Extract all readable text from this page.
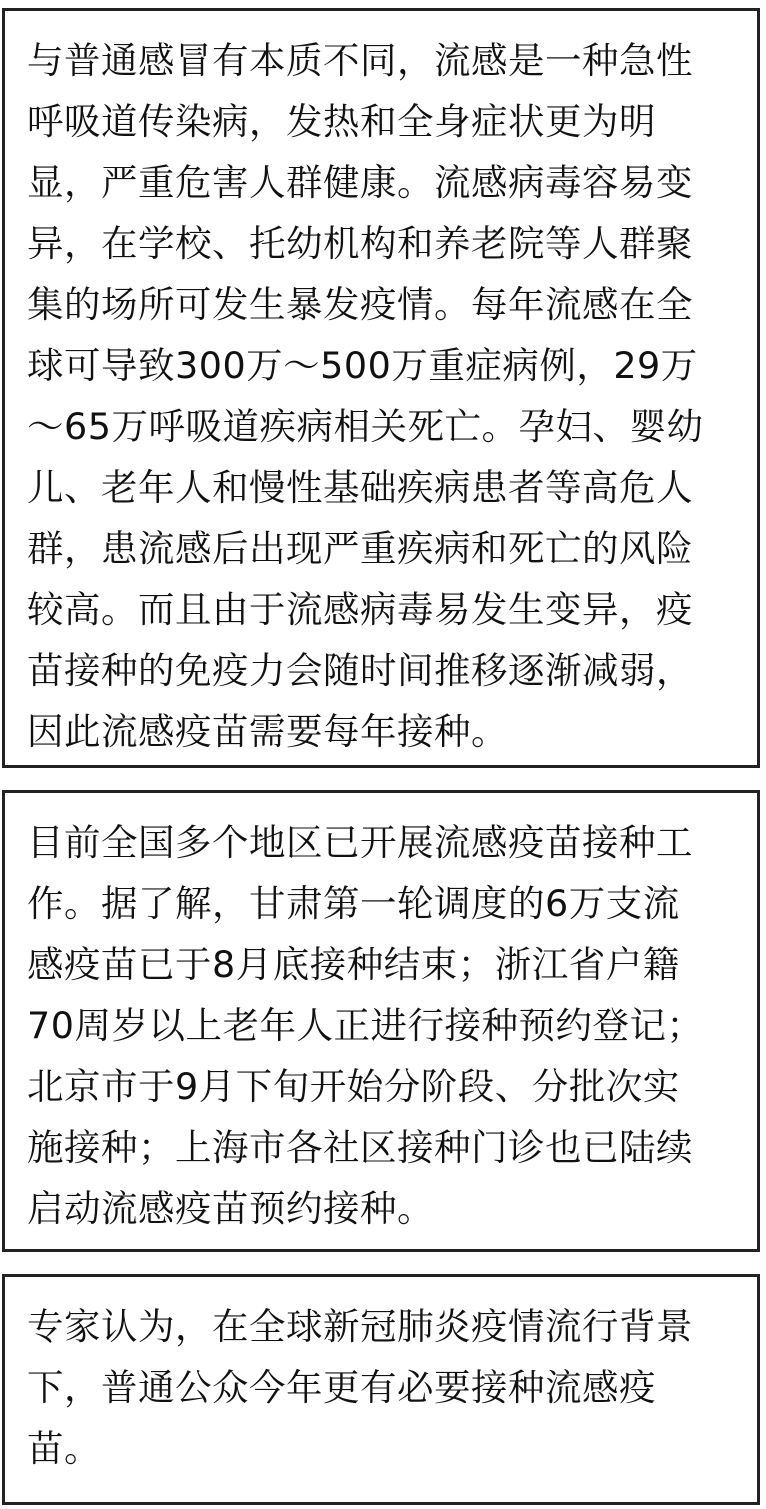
与普通感冒有本质不同，流感是一种急性
呼吸道传染病，发热和全身症状更为明
显，严重危害人群健康。流感病毒容易变
异，在学校、托幼机构和养老院等人群聚
集的场所可发生暴发疫情。每年流感在全
球可导致300万～500万重症病例，29万
～65万呼吸道疾病相关死亡。孕妇、婴幼
儿、老年人和慢性基础疾病患者等高危人
群，患流感后出现严重疾病和死亡的风险
较高。而且由于流感病毒易发生变异，疫
苗接种的免疫力会随时间推移逐渐减弱，
因此流感疫苗需要每年接种。
目前全国多个地区已开展流感疫苗接种工
作。据了解，甘肃第一轮调度的6万支流
感疫苗已于8月底接种结束；浙江省户籍
70周岁以上老年人正进行接种预约登记；
北京市于9月下旬开始分阶段、分批次实
施接种；上海市各社区接种门诊也已陆续
启动流感疫苗预约接种。
专家认为，在全球新冠肺炎疫情流行背景
下，普通公众今年更有必要接种流感疫
苗。
